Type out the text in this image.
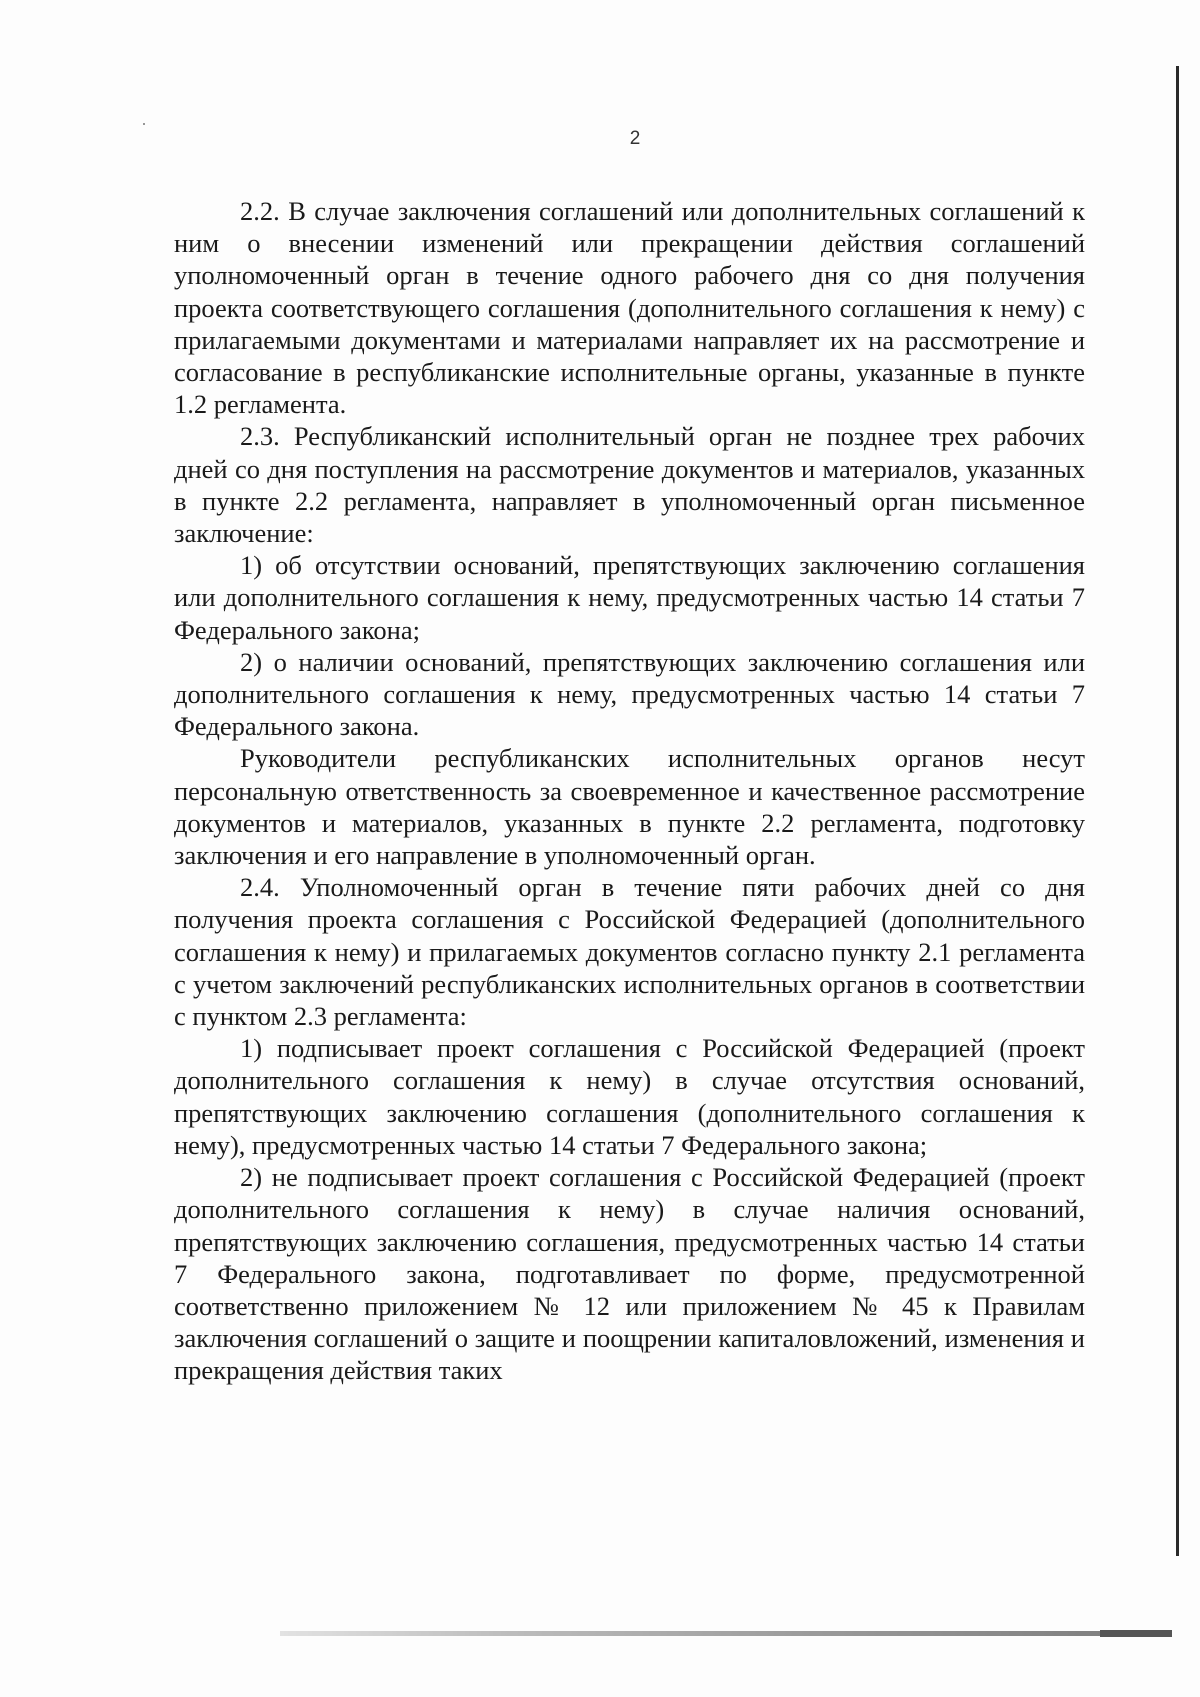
2

2.2. В случае заключения соглашений или дополнительных соглашений к ним о внесении изменений или прекращении действия соглашений уполномоченный орган в течение одного рабочего дня со дня получения проекта соответствующего соглашения (дополнительного соглашения к нему) с прилагаемыми документами и материалами направляет их на рассмотрение и согласование в республиканские исполнительные органы, указанные в пункте 1.2 регламента.

2.3. Республиканский исполнительный орган не позднее трех рабочих дней со дня поступления на рассмотрение документов и материалов, указанных в пункте 2.2 регламента, направляет в уполномоченный орган письменное заключение:

1) об отсутствии оснований, препятствующих заключению соглашения или дополнительного соглашения к нему, предусмотренных частью 14 статьи 7 Федерального закона;

2) о наличии оснований, препятствующих заключению соглашения или дополнительного соглашения к нему, предусмотренных частью 14 статьи 7 Федерального закона.

Руководители республиканских исполнительных органов несут персональную ответственность за своевременное и качественное рассмотрение документов и материалов, указанных в пункте 2.2 регламента, подготовку заключения и его направление в уполномоченный орган.

2.4. Уполномоченный орган в течение пяти рабочих дней со дня получения проекта соглашения с Российской Федерацией (дополнительного соглашения к нему) и прилагаемых документов согласно пункту 2.1 регламента с учетом заключений республиканских исполнительных органов в соответствии с пунктом 2.3 регламента:

1) подписывает проект соглашения с Российской Федерацией (проект дополнительного соглашения к нему) в случае отсутствия оснований, препятствующих заключению соглашения (дополнительного соглашения к нему), предусмотренных частью 14 статьи 7 Федерального закона;

2) не подписывает проект соглашения с Российской Федерацией (проект дополнительного соглашения к нему) в случае наличия оснований, препятствующих заключению соглашения, предусмотренных частью 14 статьи 7 Федерального закона, подготавливает по форме, предусмотренной соответственно приложением № 12 или приложением № 45 к Правилам заключения соглашений о защите и поощрении капиталовложений, изменения и прекращения действия таких
